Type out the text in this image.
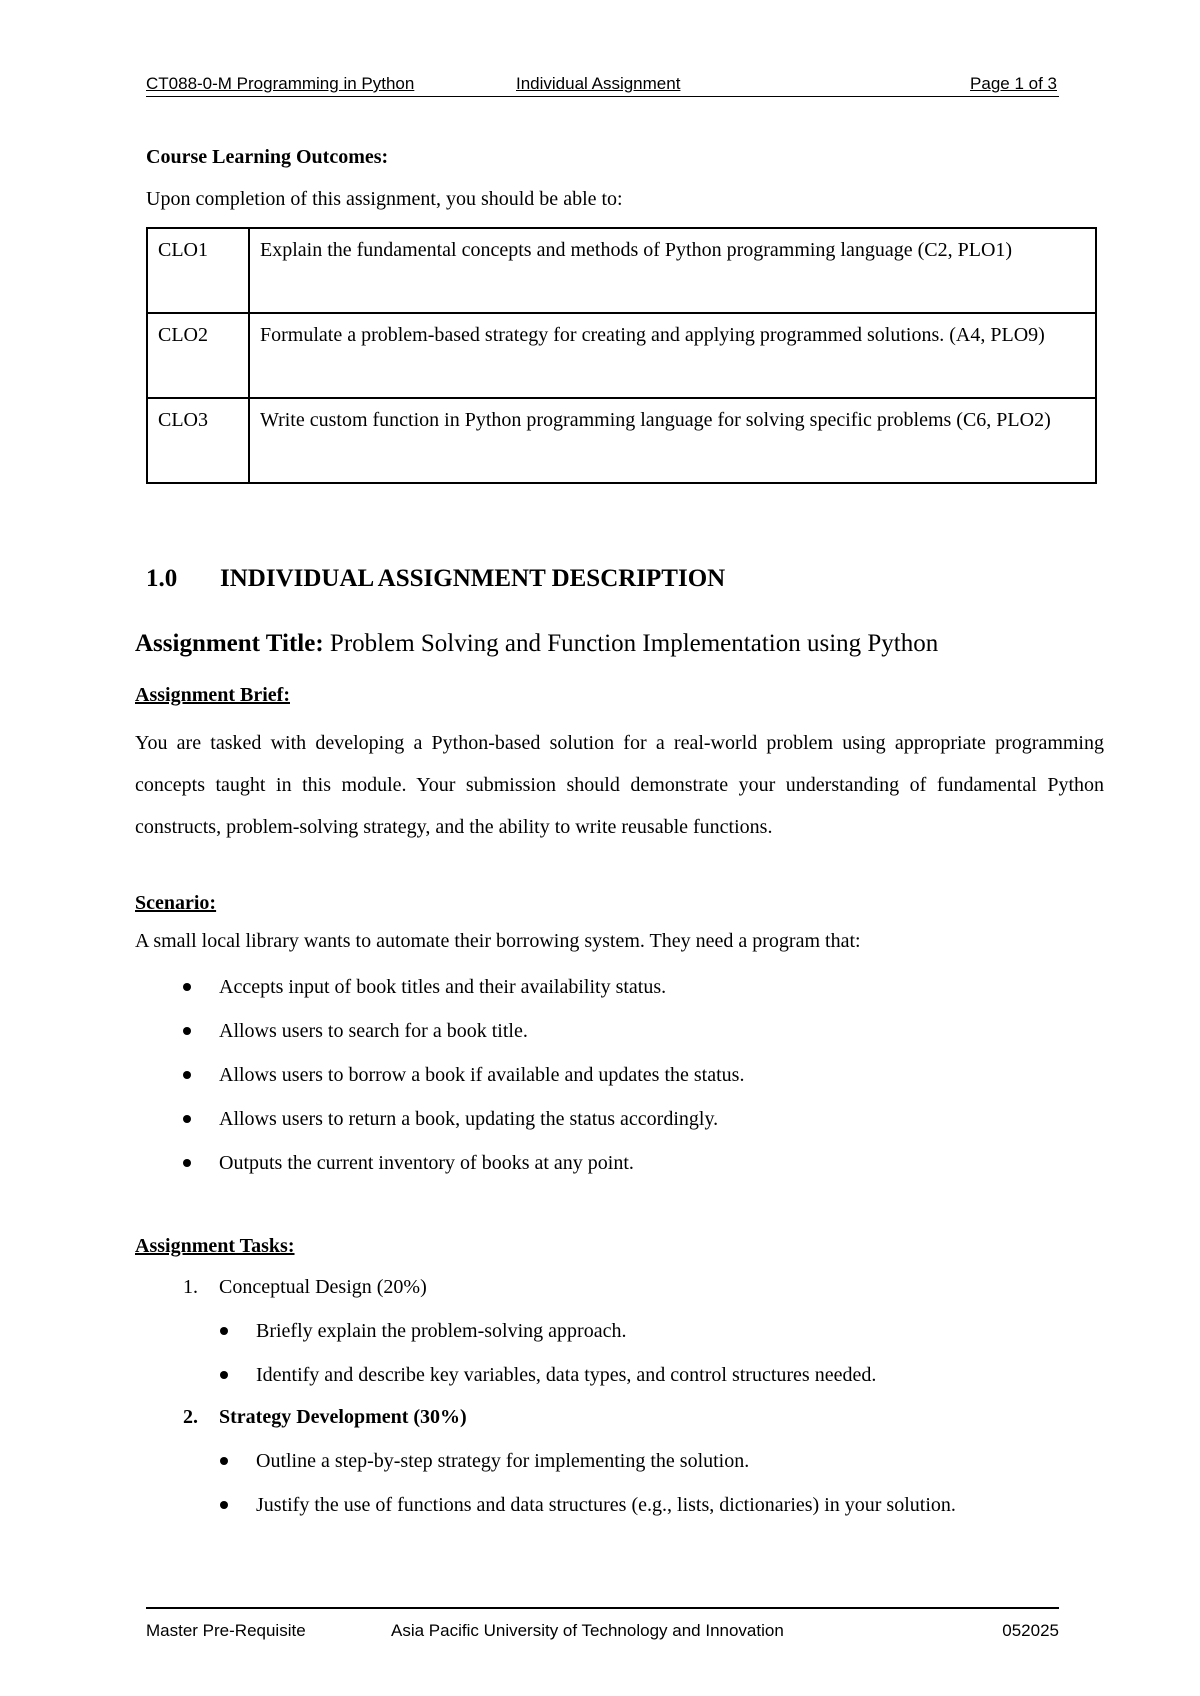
CT088-0-M Programming in Python	Individual Assignment	Page 1 of 3
Course Learning Outcomes:
Upon completion of this assignment, you should be able to:
CLO1	Explain the fundamental concepts and methods of Python programming language (C2, PLO1)
CLO2	Formulate a problem-based strategy for creating and applying programmed solutions. (A4, PLO9)
CLO3	Write custom function in Python programming language for solving specific problems (C6, PLO2)
1.0 INDIVIDUAL ASSIGNMENT DESCRIPTION
Assignment Title: Problem Solving and Function Implementation using Python
Assignment Brief:
You are tasked with developing a Python-based solution for a real-world problem using appropriate programming concepts taught in this module. Your submission should demonstrate your understanding of fundamental Python constructs, problem-solving strategy, and the ability to write reusable functions.
Scenario:
A small local library wants to automate their borrowing system. They need a program that:
Accepts input of book titles and their availability status.
Allows users to search for a book title.
Allows users to borrow a book if available and updates the status.
Allows users to return a book, updating the status accordingly.
Outputs the current inventory of books at any point.
Assignment Tasks:
1. Conceptual Design (20%)
Briefly explain the problem-solving approach.
Identify and describe key variables, data types, and control structures needed.
2. Strategy Development (30%)
Outline a step-by-step strategy for implementing the solution.
Justify the use of functions and data structures (e.g., lists, dictionaries) in your solution.
Master Pre-Requisite	Asia Pacific University of Technology and Innovation	052025
